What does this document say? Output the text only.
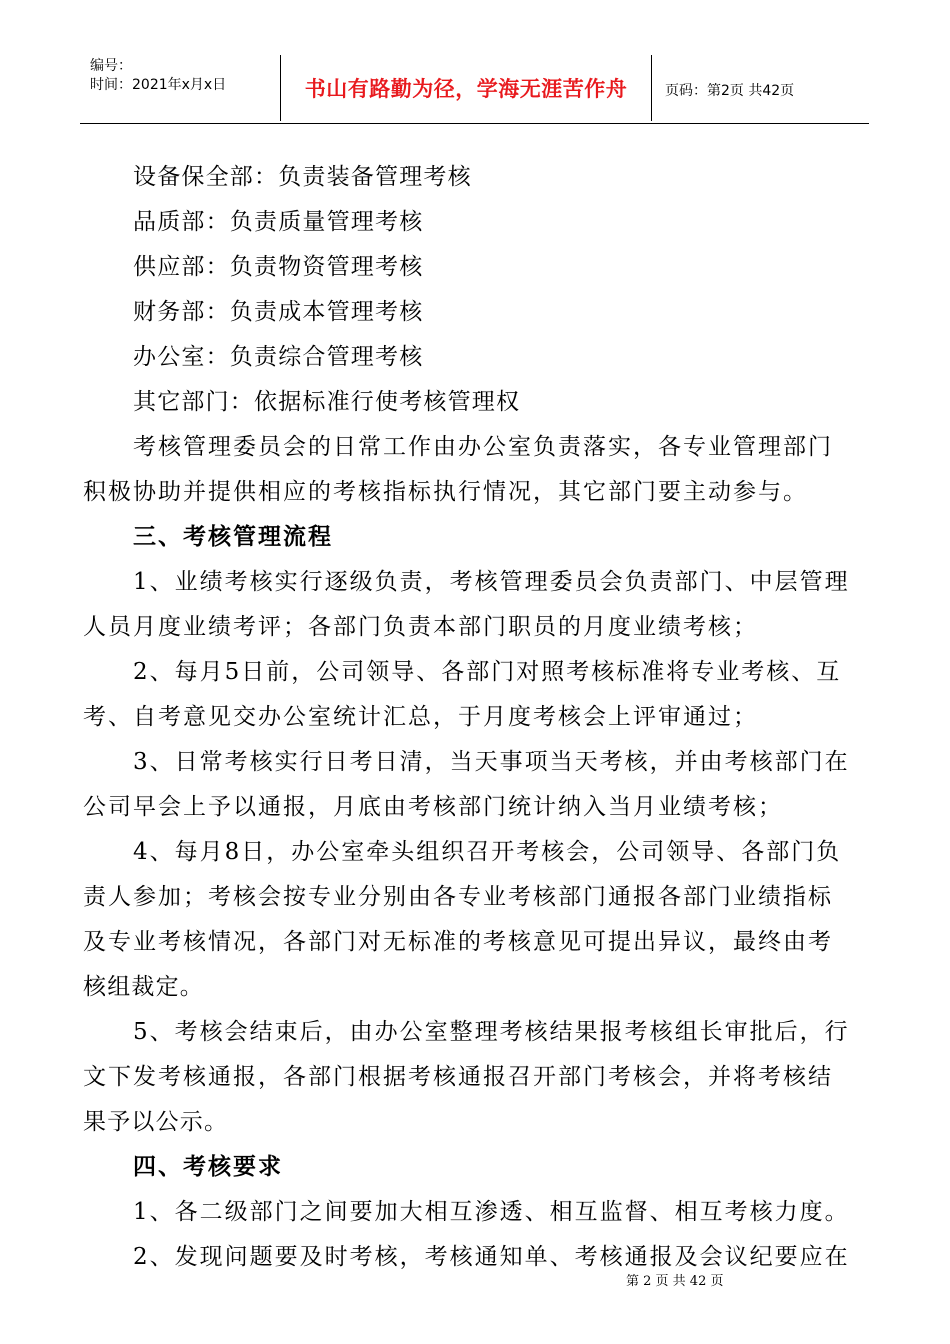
编号：
时间：2021年x月x日	书山有路勤为径，学海无涯苦作舟	页码：第2页 共42页
设备保全部：负责装备管理考核
品质部：负责质量管理考核
供应部：负责物资管理考核
财务部：负责成本管理考核
办公室：负责综合管理考核
其它部门：依据标准行使考核管理权
考核管理委员会的日常工作由办公室负责落实，各专业管理部门
积极协助并提供相应的考核指标执行情况，其它部门要主动参与。
三、考核管理流程
1、业绩考核实行逐级负责，考核管理委员会负责部门、中层管理
人员月度业绩考评；各部门负责本部门职员的月度业绩考核；
2、每月5日前，公司领导、各部门对照考核标准将专业考核、互
考、自考意见交办公室统计汇总，于月度考核会上评审通过；
3、日常考核实行日考日清，当天事项当天考核，并由考核部门在
公司早会上予以通报，月底由考核部门统计纳入当月业绩考核；
4、每月8日，办公室牵头组织召开考核会，公司领导、各部门负
责人参加；考核会按专业分别由各专业考核部门通报各部门业绩指标
及专业考核情况，各部门对无标准的考核意见可提出异议，最终由考
核组裁定。
5、考核会结束后，由办公室整理考核结果报考核组长审批后，行
文下发考核通报，各部门根据考核通报召开部门考核会，并将考核结
果予以公示。
四、考核要求
1、各二级部门之间要加大相互渗透、相互监督、相互考核力度。
2、发现问题要及时考核，考核通知单、考核通报及会议纪要应在
第 2 页 共 42 页
